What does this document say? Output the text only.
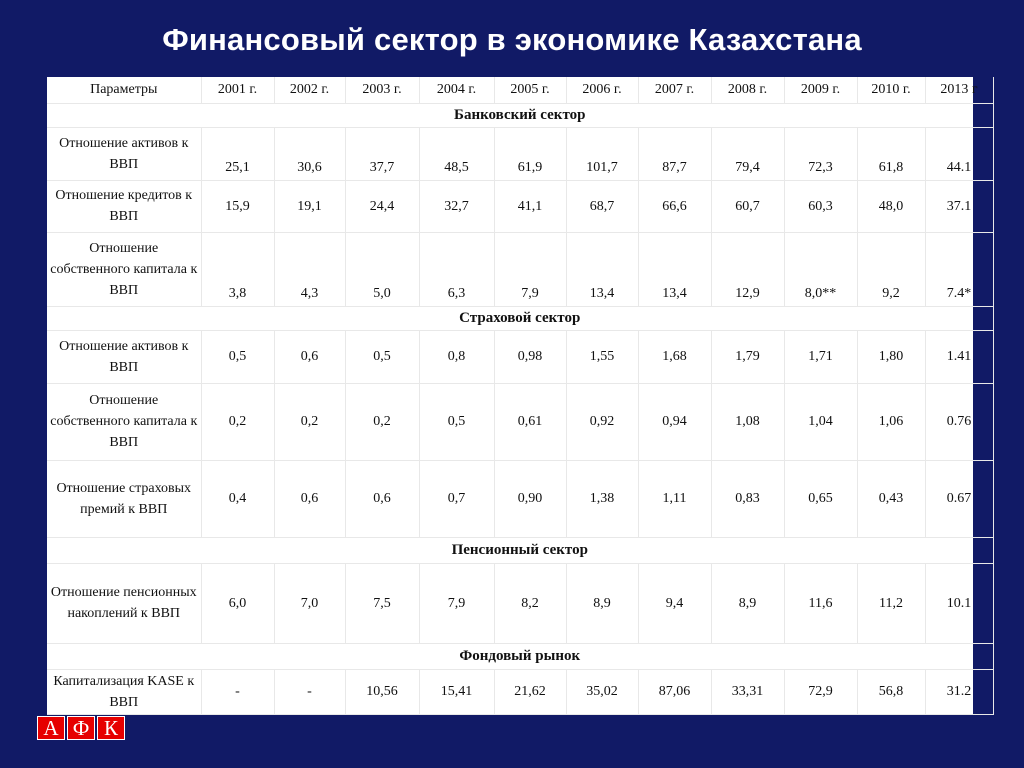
Финансовый сектор в экономике Казахстана
Параметры	2001 г.	2002 г.	2003 г.	2004 г.	2005 г.	2006 г.	2007 г.	2008 г.	2009 г.	2010 г.	2013 г
Банковский сектор											
Отношение активов к ВВП	25,1	30,6	37,7	48,5	61,9	101,7	87,7	79,4	72,3	61,8	44.1
Отношение кредитов к ВВП	15,9	19,1	24,4	32,7	41,1	68,7	66,6	60,7	60,3	48,0	37.1
Отношение собственного капитала к ВВП	3,8	4,3	5,0	6,3	7,9	13,4	13,4	12,9	8,0**	9,2	7.4*
Страховой сектор											
Отношение активов к ВВП	0,5	0,6	0,5	0,8	0,98	1,55	1,68	1,79	1,71	1,80	1.41
Отношение собственного капитала к ВВП	0,2	0,2	0,2	0,5	0,61	0,92	0,94	1,08	1,04	1,06	0.76
Отношение страховых премий к ВВП	0,4	0,6	0,6	0,7	0,90	1,38	1,11	0,83	0,65	0,43	0.67
Пенсионный сектор											
Отношение пенсионных накоплений к ВВП	6,0	7,0	7,5	7,9	8,2	8,9	9,4	8,9	11,6	11,2	10.1
Фондовый рынок											
Капитализация KASE к ВВП	-	-	10,56	15,41	21,62	35,02	87,06	33,31	72,9	56,8	31.2
А Ф К
